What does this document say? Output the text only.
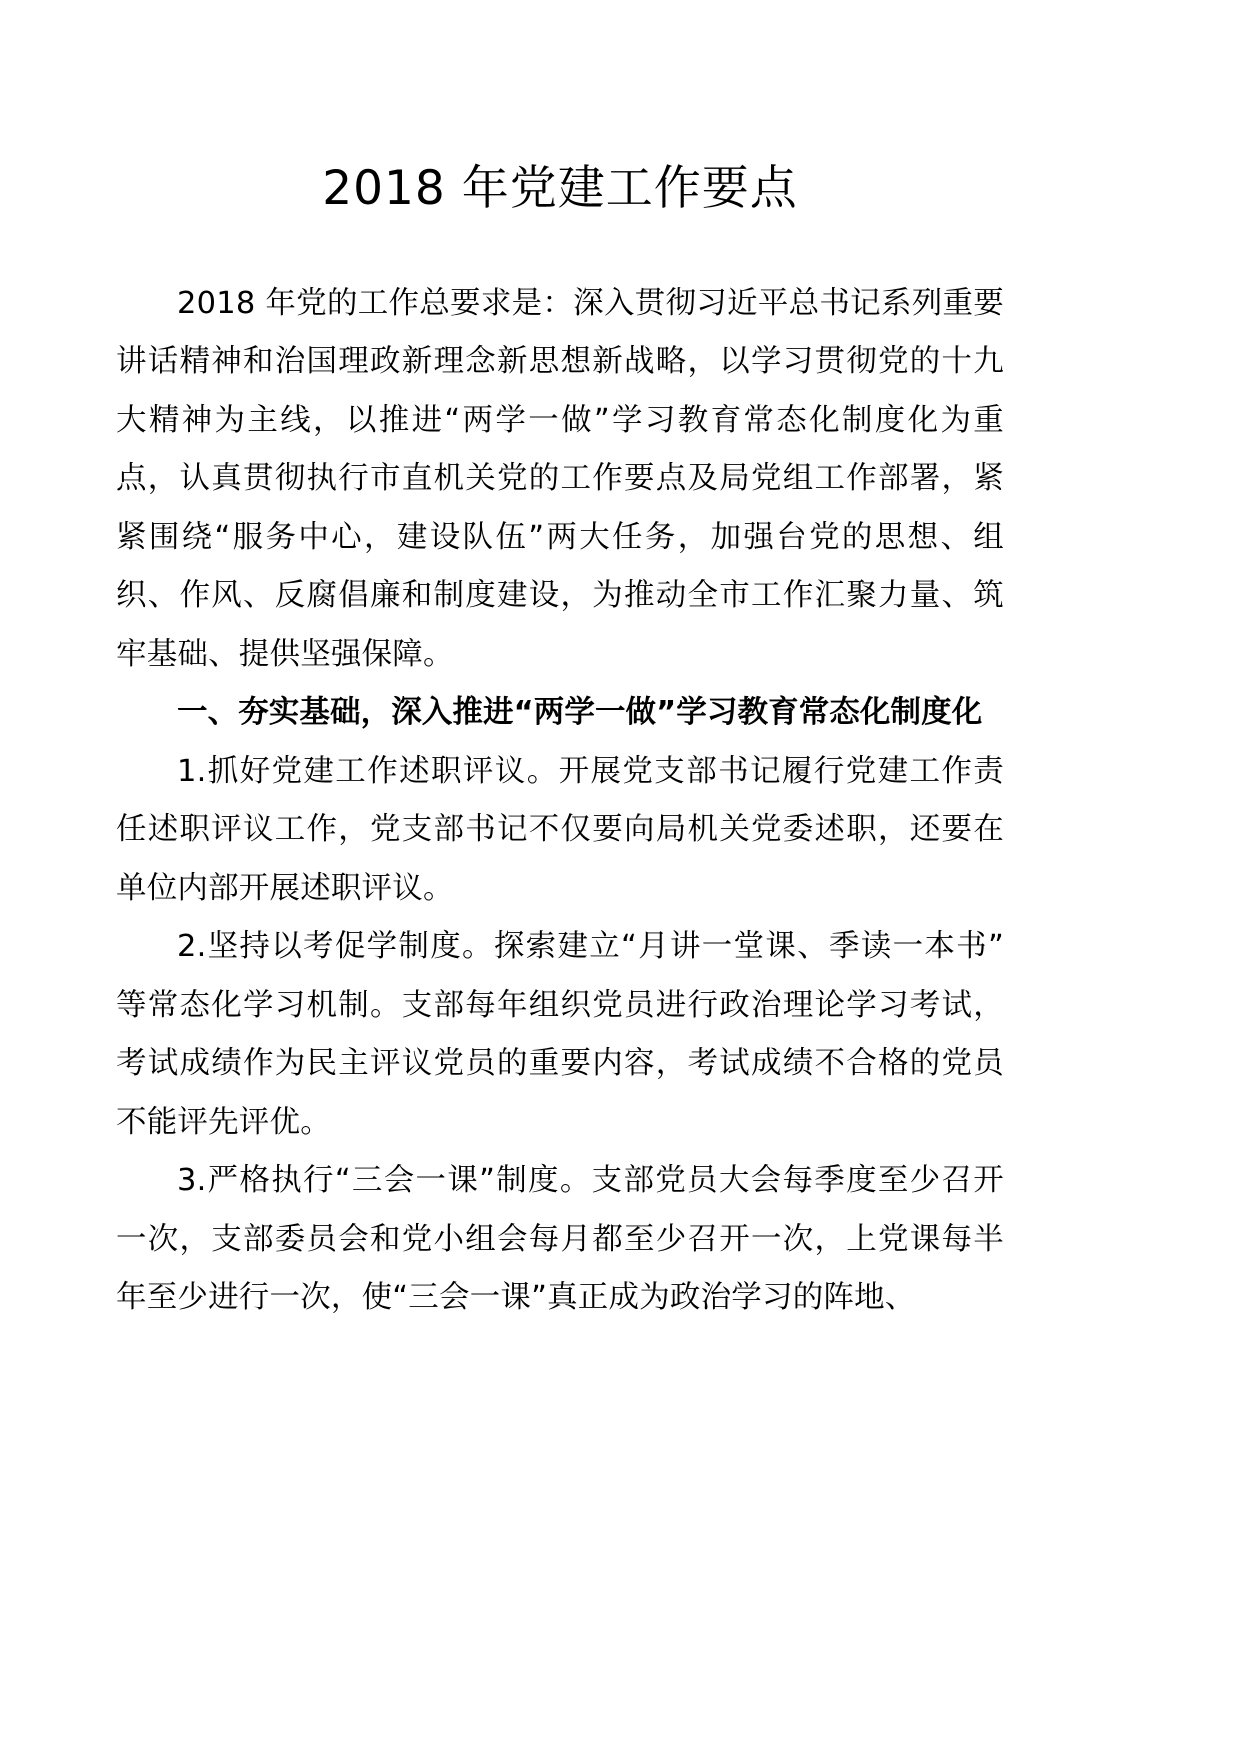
2018 年党建工作要点

2018 年党的工作总要求是：深入贯彻习近平总书记系列重要讲话精神和治国理政新理念新思想新战略，以学习贯彻党的十九大精神为主线，以推进“两学一做”学习教育常态化制度化为重点，认真贯彻执行市直机关党的工作要点及局党组工作部署，紧紧围绕“服务中心，建设队伍”两大任务，加强台党的思想、组织、作风、反腐倡廉和制度建设，为推动全市工作汇聚力量、筑牢基础、提供坚强保障。

一、夯实基础，深入推进“两学一做”学习教育常态化制度化

1.抓好党建工作述职评议。开展党支部书记履行党建工作责任述职评议工作，党支部书记不仅要向局机关党委述职，还要在单位内部开展述职评议。

2.坚持以考促学制度。探索建立“月讲一堂课、季读一本书”等常态化学习机制。支部每年组织党员进行政治理论学习考试，考试成绩作为民主评议党员的重要内容，考试成绩不合格的党员不能评先评优。

3.严格执行“三会一课”制度。支部党员大会每季度至少召开一次，支部委员会和党小组会每月都至少召开一次，上党课每半年至少进行一次，使“三会一课”真正成为政治学习的阵地、
